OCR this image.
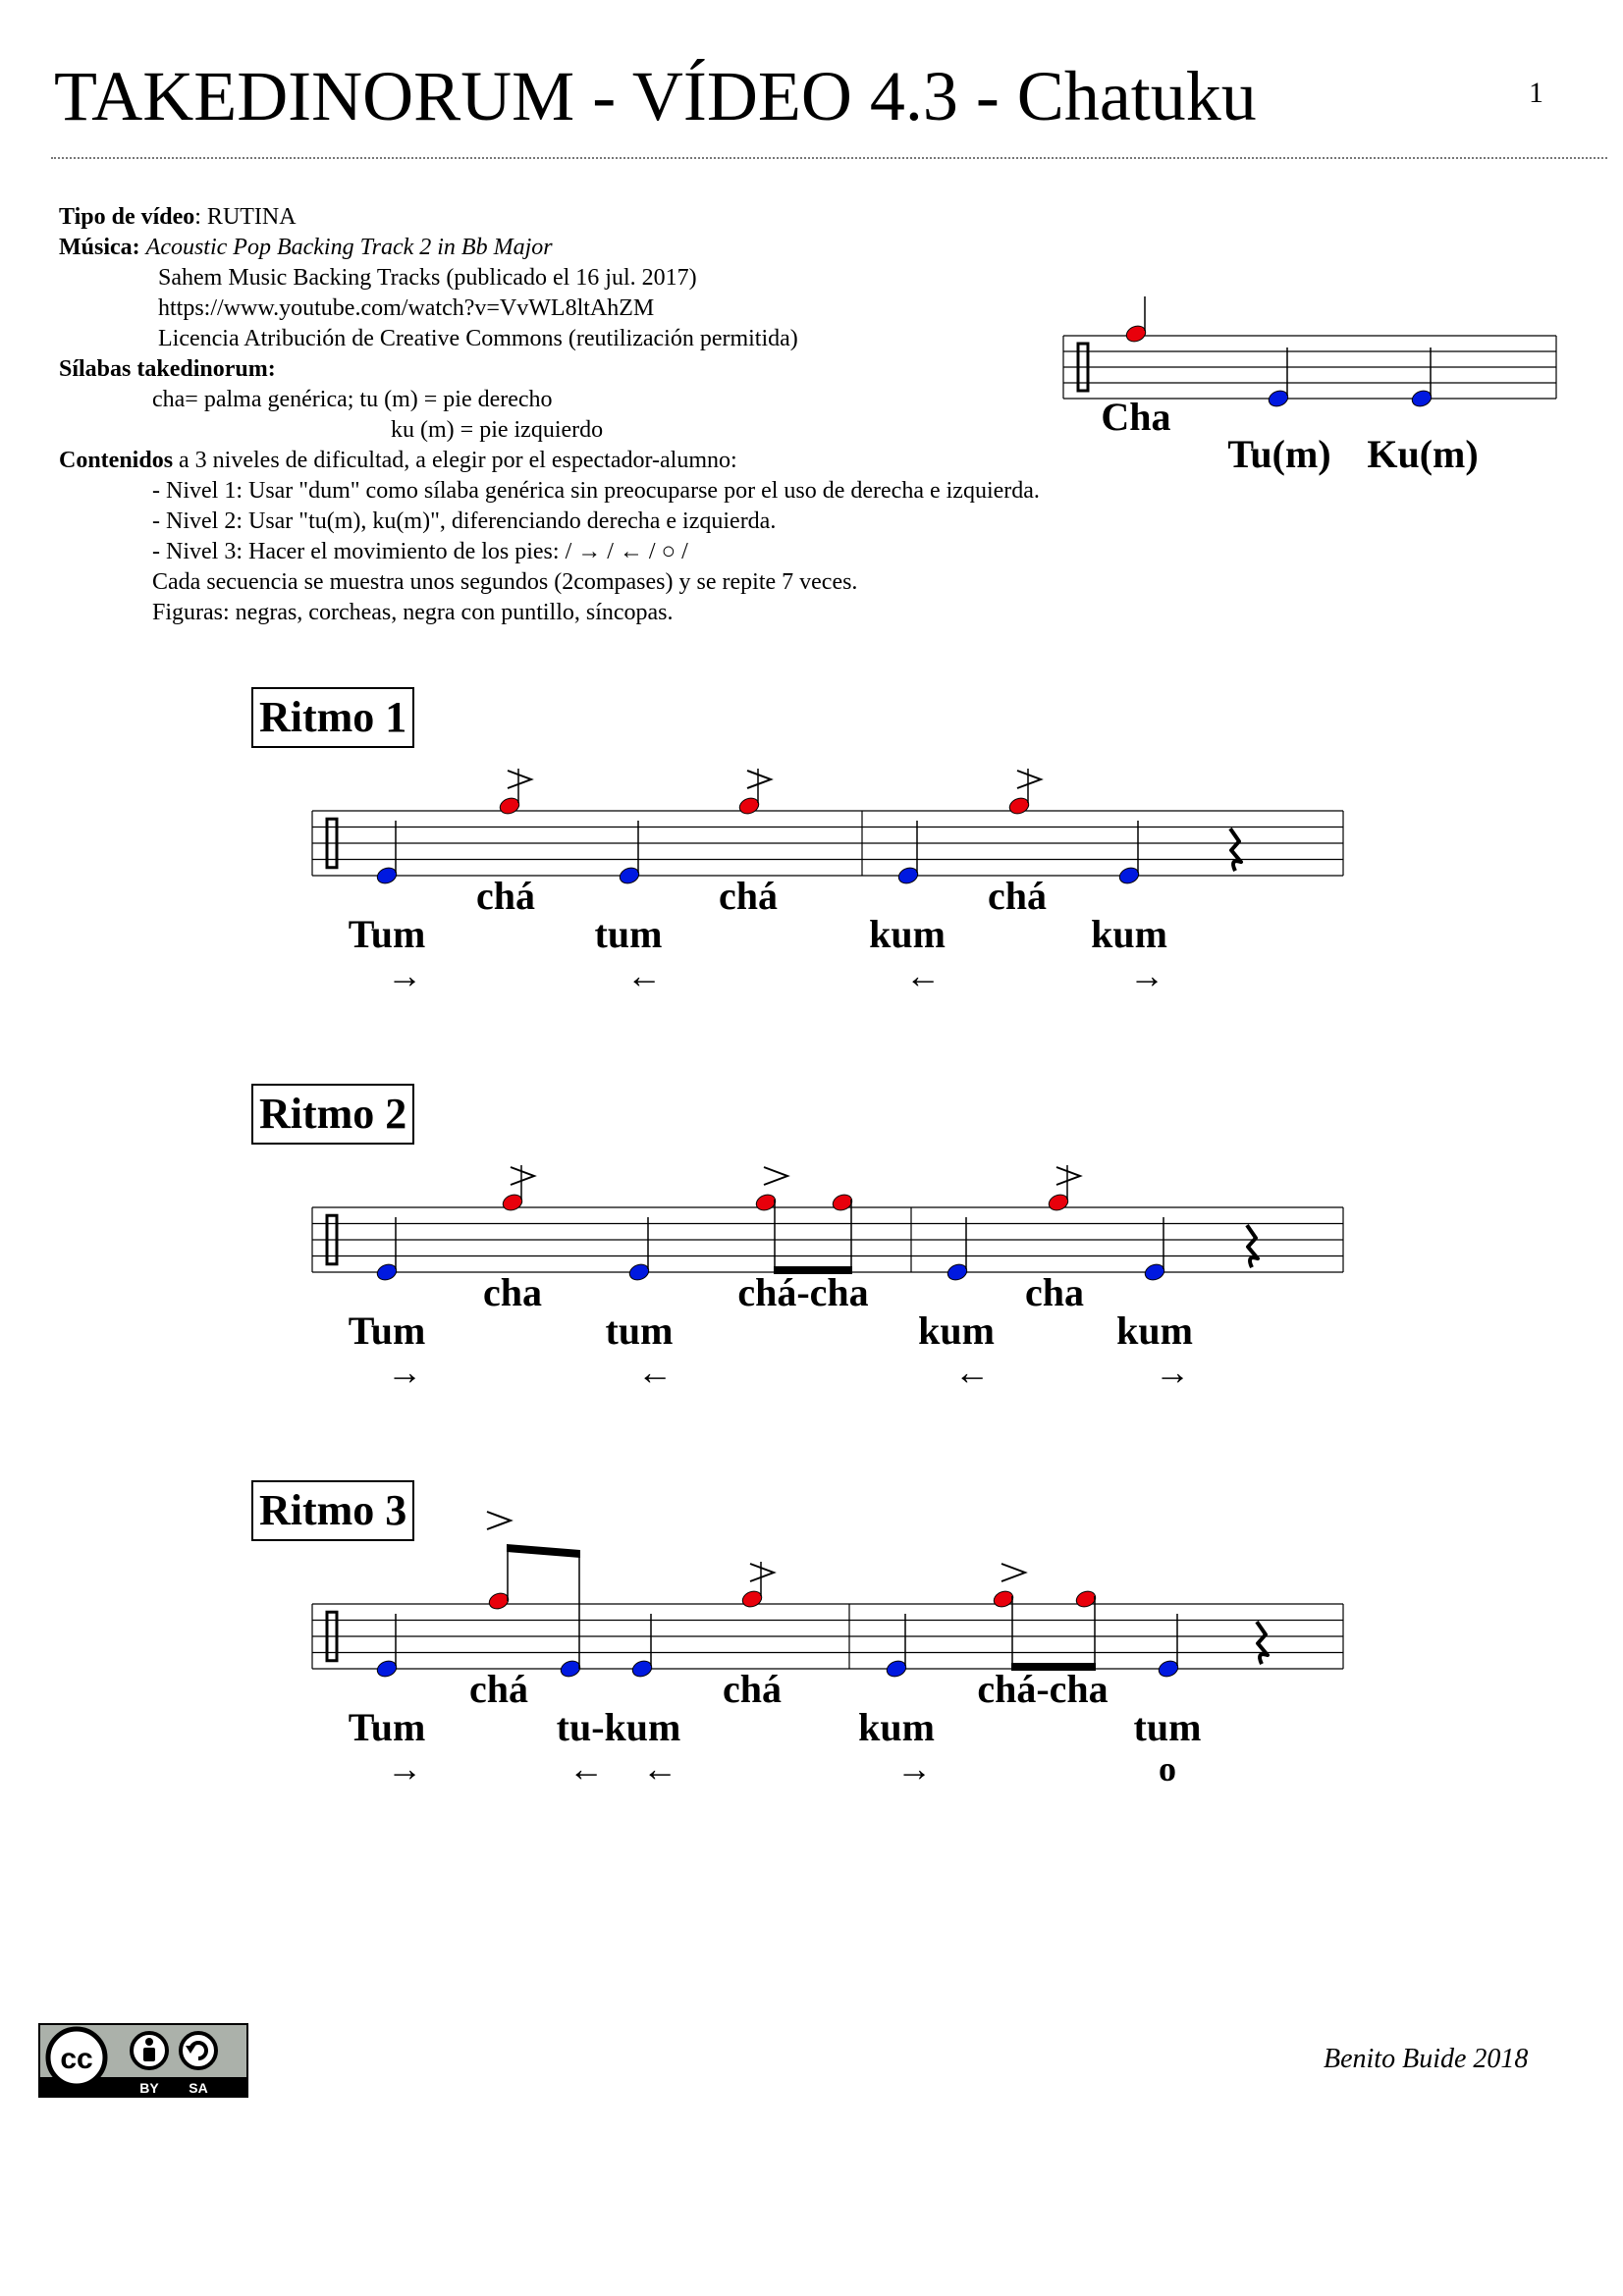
TAKEDINORUM - VÍDEO 4.3 - Chatuku	1
Tipo de vídeo: RUTINA
Música: Acoustic Pop Backing Track 2 in Bb Major
Sahem Music Backing Tracks (publicado el 16 jul. 2017)
https://www.youtube.com/watch?v=VvWL8ltAhZM
Licencia Atribución de Creative Commons (reutilización permitida)
Sílabas takedinorum:
cha= palma genérica; tu (m) = pie derecho
ku (m) = pie izquierdo
Contenidos a 3 niveles de dificultad, a elegir por el espectador-alumno:
- Nivel 1: Usar "dum" como sílaba genérica sin preocuparse por el uso de derecha e izquierda.
- Nivel 2: Usar "tu(m), ku(m)", diferenciando derecha e izquierda.
- Nivel 3: Hacer el movimiento de los pies: / → / ← / ○ /
Cada secuencia se muestra unos segundos (2compases) y se repite 7 veces.
Figuras: negras, corcheas, negra con puntillo, síncopas.
Ritmo 1
Ritmo 2
Ritmo 3
Cha
Tu(m) Ku(m)
Tum
→
chá
tum
←
chá
kum
←
chá
kum
→
Tum
→
cha
tum
←
chá-cha
kum
←
cha
kum
→
Tum
→
chá
tu-kum
← ←
chá
kum
→
chá-cha
tum
o
cc
BY SA
Benito Buide 2018
